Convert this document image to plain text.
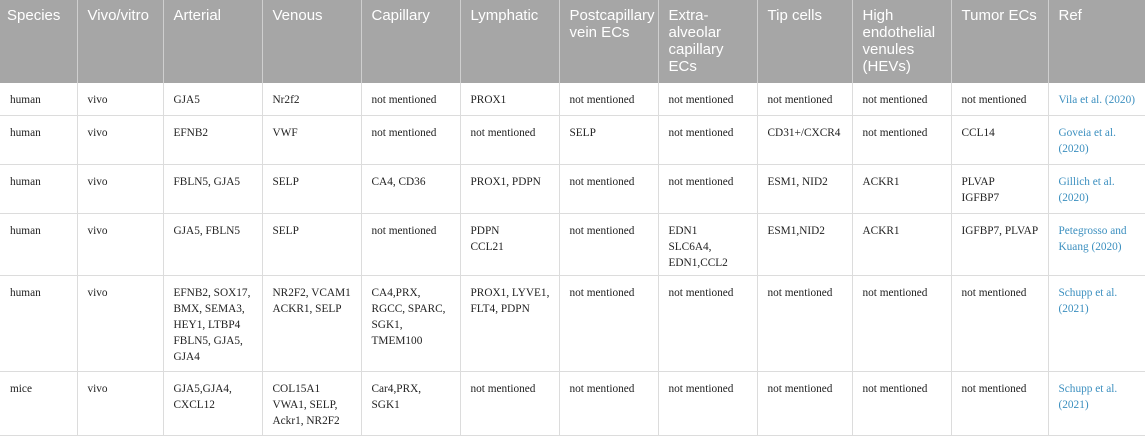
Species	Vivo/vitro	Arterial	Venous	Capillary	Lymphatic	Postcapillary
vein ECs	Extra-
alveolar
capillary
ECs	Tip cells	High
endothelial
venules
(HEVs)	Tumor ECs	Ref

human	vivo	GJA5	Nr2f2	not mentioned	PROX1	not mentioned	not mentioned	not mentioned	not mentioned	not mentioned	Vila et al. (2020)

human	vivo	EFNB2	VWF	not mentioned	not mentioned	SELP	not mentioned	CD31+/CXCR4	not mentioned	CCL14	Goveia et al.
(2020)

human	vivo	FBLN5, GJA5	SELP	CA4, CD36	PROX1, PDPN	not mentioned	not mentioned	ESM1, NID2	ACKR1	PLVAP
IGFBP7	Gillich et al.
(2020)

human	vivo	GJA5, FBLN5	SELP	not mentioned	PDPN
CCL21	not mentioned	EDN1
SLC6A4,
EDN1,CCL2	ESM1,NID2	ACKR1	IGFBP7, PLVAP	Petegrosso and
Kuang (2020)

human	vivo	EFNB2, SOX17,
BMX, SEMA3,
HEY1, LTBP4
FBLN5, GJA5,
GJA4	NR2F2, VCAM1
ACKR1, SELP	CA4,PRX,
RGCC, SPARC,
SGK1,
TMEM100	PROX1, LYVE1,
FLT4, PDPN	not mentioned	not mentioned	not mentioned	not mentioned	not mentioned	Schupp et al.
(2021)

mice	vivo	GJA5,GJA4,
CXCL12	COL15A1
VWA1, SELP,
Ackr1, NR2F2	Car4,PRX,
SGK1	not mentioned	not mentioned	not mentioned	not mentioned	not mentioned	not mentioned	Schupp et al.
(2021)
